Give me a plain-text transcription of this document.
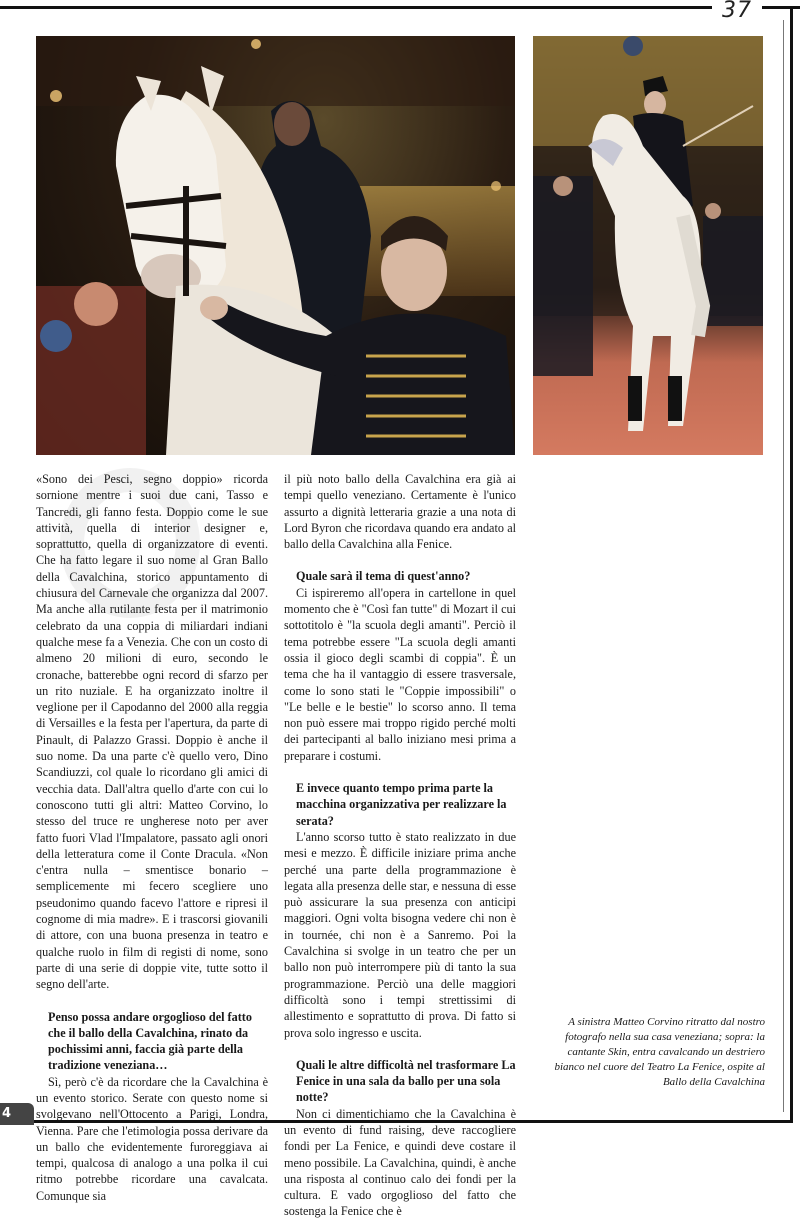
37
4

«Sono dei Pesci, segno doppio» ricorda sornione mentre i suoi due cani, Tasso e Tancredi, gli fanno festa. Doppio come le sue attività, quella di interior designer e, soprattutto, quella di organizzatore di eventi. Che ha fatto legare il suo nome al Gran Ballo della Cavalchina, storico appuntamento di chiusura del Carnevale che organizza dal 2007. Ma anche alla rutilante festa per il matrimonio celebrato da una coppia di miliardari indiani qualche mese fa a Venezia. Che con un costo di almeno 20 milioni di euro, secondo le cronache, batterebbe ogni record di sfarzo per un rito nuziale. E ha organizzato inoltre il veglione per il Capodanno del 2000 alla reggia di Versailles e la festa per l'apertura, da parte di Pinault, di Palazzo Grassi. Doppio è anche il suo nome. Da una parte c'è quello vero, Dino Scandiuzzi, col quale lo ricordano gli amici di vecchia data. Dall'altra quello d'arte con cui lo conoscono tutti gli altri: Matteo Corvino, lo stesso del truce re ungherese noto per aver fatto fuori Vlad l'Impalatore, passato agli onori della letteratura come il Conte Dracula. «Non c'entra nulla – smentisce bonario – semplicemente mi fecero scegliere uno pseudonimo quando facevo l'attore e ripresi il cognome di mia madre». E i trascorsi giovanili di attore, con una buona presenza in teatro e qualche ruolo in film di registi di nome, sono parte di una serie di doppie vite, tutte sotto il segno dell'arte.

Penso possa andare orgoglioso del fatto che il ballo della Cavalchina, rinato da pochissimi anni, faccia già parte della tradizione veneziana…

Sì, però c'è da ricordare che la Cavalchina è un evento storico. Serate con questo nome si svolgevano nell'Ottocento a Parigi, Londra, Vienna. Pare che l'etimologia possa derivare da un ballo che evidentemente furoreggiava ai tempi, qualcosa di analogo a una polka il cui ritmo potrebbe ricordare una cavalcata. Comunque sia

il più noto ballo della Cavalchina era già ai tempi quello veneziano. Certamente è l'unico assurto a dignità letteraria grazie a una nota di Lord Byron che ricordava quando era andato al ballo della Cavalchina alla Fenice.

Quale sarà il tema di quest'anno?

Ci ispireremo all'opera in cartellone in quel momento che è "Così fan tutte" di Mozart il cui sottotitolo è "la scuola degli amanti". Perciò il tema potrebbe essere "La scuola degli amanti ossia il gioco degli scambi di coppia". È un tema che ha il vantaggio di essere trasversale, come lo sono stati le "Coppie impossibili" o "Le belle e le bestie" lo scorso anno. Il tema non può essere mai troppo rigido perché molti dei partecipanti al ballo iniziano mesi prima a preparare i costumi.

E invece quanto tempo prima parte la macchina organizzativa per realizzare la serata?

L'anno scorso tutto è stato realizzato in due mesi e mezzo. È difficile iniziare prima anche perché una parte della programmazione è legata alla presenza delle star, e nessuna di esse può assicurare la sua presenza con anticipi maggiori. Ogni volta bisogna vedere chi non è in tournée, chi non è a Sanremo. Poi la Cavalchina si svolge in un teatro che per un ballo non può interrompere più di tanto la sua programmazione. Perciò una delle maggiori difficoltà sono i tempi strettissimi di allestimento e soprattutto di prova. Di fatto si prova solo ingresso e uscita.

Quali le altre difficoltà nel trasformare La Fenice in una sala da ballo per una sola notte?

Non ci dimentichiamo che la Cavalchina è un evento di fund raising, deve raccogliere fondi per La Fenice, e quindi deve costare il meno possibile. La Cavalchina, quindi, è anche una risposta al continuo calo dei fondi per la cultura. E vado orgoglioso del fatto che sostenga la Fenice che è

A sinistra Matteo Corvino ritratto dal nostro fotografo nella sua casa veneziana; sopra: la cantante Skin, entra cavalcando un destriero bianco nel cuore del Teatro La Fenice, ospite al Ballo della Cavalchina
